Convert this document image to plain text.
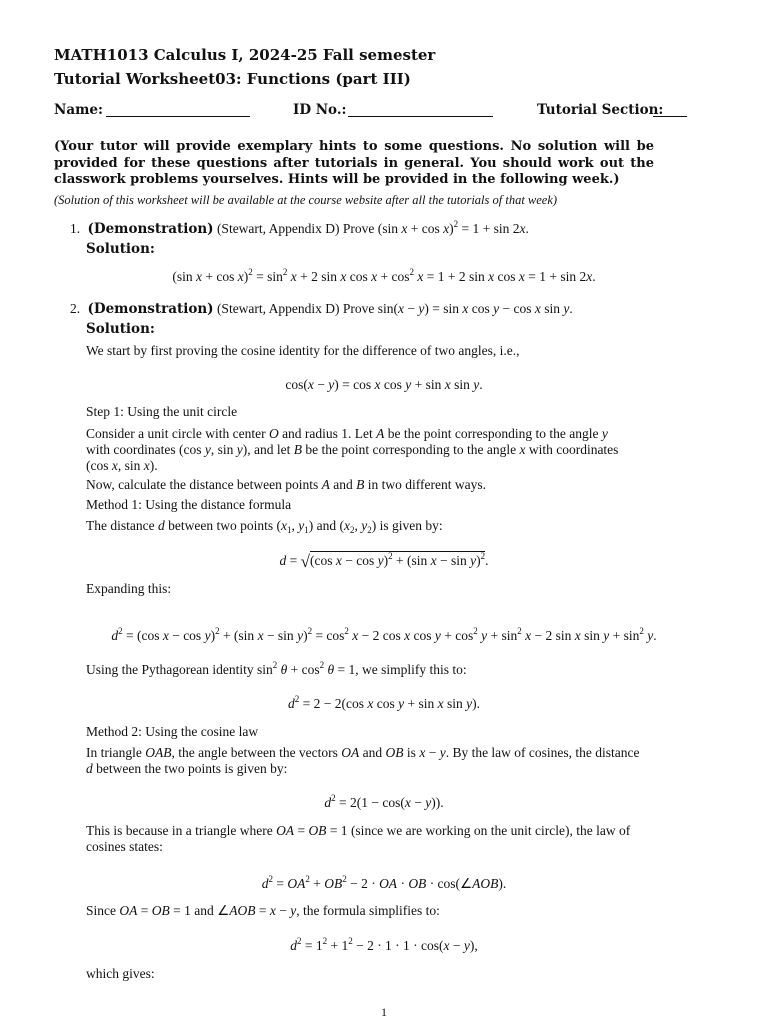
MATH1013 Calculus I, 2024-25 Fall semester
Tutorial Worksheet03: Functions (part III)
Name:	ID No.:	Tutorial Section:
(Your tutor will provide exemplary hints to some questions. No solution will be provided for these questions after tutorials in general. You should work out the classwork problems yourselves. Hints will be provided in the following week.)
(Solution of this worksheet will be available at the course website after all the tutorials of that week)
1. (Demonstration) (Stewart, Appendix D) Prove (sin x + cos x)$^2$ = 1 + sin 2x.
Solution:
(sin $x + \cos x)^2 = \sin^2 x + 2$ sin x $\cos x + \cos^2 x = 1 + 2$ sin x cos x = 1 + sin 2x.
2. (Demonstration) (Stewart, Appendix D) Prove sin(x − y) = sin x cos y − cos x sin y.
Solution:
We start by first proving the cosine identity for the difference of two angles, i.e.,
cos(x − y) = cos x cos y + sin x sin y.
Step 1: Using the unit circle
Consider a unit circle with center O and radius 1. Let A be the point corresponding to the angle y
with coordinates (cos y, sin y), and let B be the point corresponding to the angle x with coordinates
(cos x, sin x).
Now, calculate the distance between points A and B in two different ways.
Method 1: Using the distance formula
The distance d between two points ($x_1$, $y_1$) and ($x_2$, $y_2$) is given by:
d = √(cos x − cos y)$^2$ + (sin x − sin y)$^2$.
Expanding this:
$d^2 = (\cos$ x − cos y)$^2$ + (sin $x - \sin y)^2 = \cos^2 x - 2$ cos x $\cos y + \cos^2 y + \sin^2 x - 2$ sin x $\sin y + \sin^2 y$.
Using the Pythagorean identity $\sin^2 \theta + \cos^2 \theta = 1$, we simplify this to:
$d^2 = 2 - 2(\cos$ x cos y + sin x sin y).
Method 2: Using the cosine law
In triangle OAB, the angle between the vectors OA and OB is x − y. By the law of cosines, the distance
d between the two points is given by:
$d^2 = 2(1 - \cos(x - y))$.
This is because in a triangle where OA = OB = 1 (since we are working on the unit circle), the law of
cosines states:
$d^2 = OA^2 + OB^2 - 2$ · OA · OB · cos(∠AOB).
Since OA = OB = 1 and ∠AOB = x − y, the formula simplifies to:
$d^2 = 1^2 + 1^2 - 2 \cdot 1 \cdot 1 \cdot \cos(x - y)$,
which gives:
1
